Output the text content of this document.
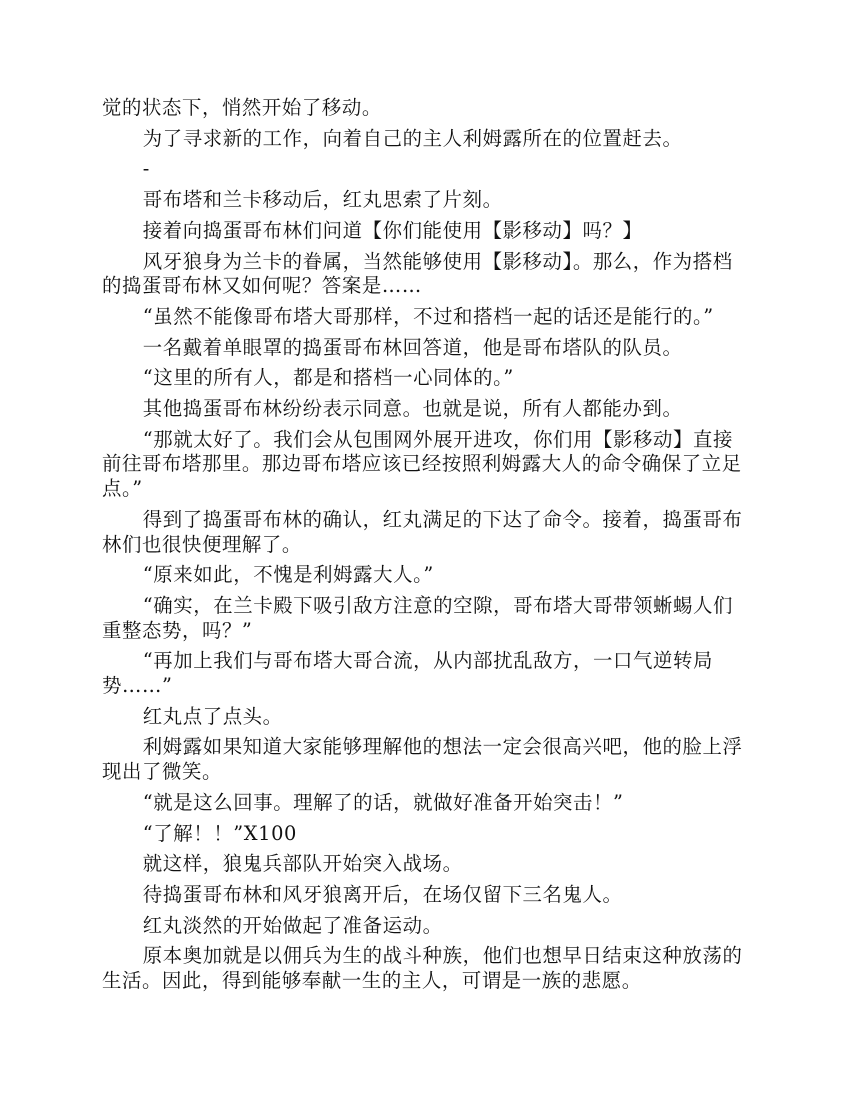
觉的状态下，悄然开始了移动。

为了寻求新的工作，向着自己的主人利姆露所在的位置赶去。

-

哥布塔和兰卡移动后，红丸思索了片刻。

接着向捣蛋哥布林们问道【你们能使用【影移动】吗？】

风牙狼身为兰卡的眷属，当然能够使用【影移动】。那么，作为搭档的捣蛋哥布林又如何呢？答案是……

“虽然不能像哥布塔大哥那样，不过和搭档一起的话还是能行的。”

一名戴着单眼罩的捣蛋哥布林回答道，他是哥布塔队的队员。

“这里的所有人，都是和搭档一心同体的。”

其他捣蛋哥布林纷纷表示同意。也就是说，所有人都能办到。

“那就太好了。我们会从包围网外展开进攻，你们用【影移动】直接前往哥布塔那里。那边哥布塔应该已经按照利姆露大人的命令确保了立足点。”

得到了捣蛋哥布林的确认，红丸满足的下达了命令。接着，捣蛋哥布林们也很快便理解了。

“原来如此，不愧是利姆露大人。”

“确实，在兰卡殿下吸引敌方注意的空隙，哥布塔大哥带领蜥蜴人们重整态势，吗？”

“再加上我们与哥布塔大哥合流，从内部扰乱敌方，一口气逆转局势……”

红丸点了点头。

利姆露如果知道大家能够理解他的想法一定会很高兴吧，他的脸上浮现出了微笑。

“就是这么回事。理解了的话，就做好准备开始突击！”

“了解！！”X100

就这样，狼鬼兵部队开始突入战场。

待捣蛋哥布林和风牙狼离开后，在场仅留下三名鬼人。

红丸淡然的开始做起了准备运动。

原本奥加就是以佣兵为生的战斗种族，他们也想早日结束这种放荡的生活。因此，得到能够奉献一生的主人，可谓是一族的悲愿。
